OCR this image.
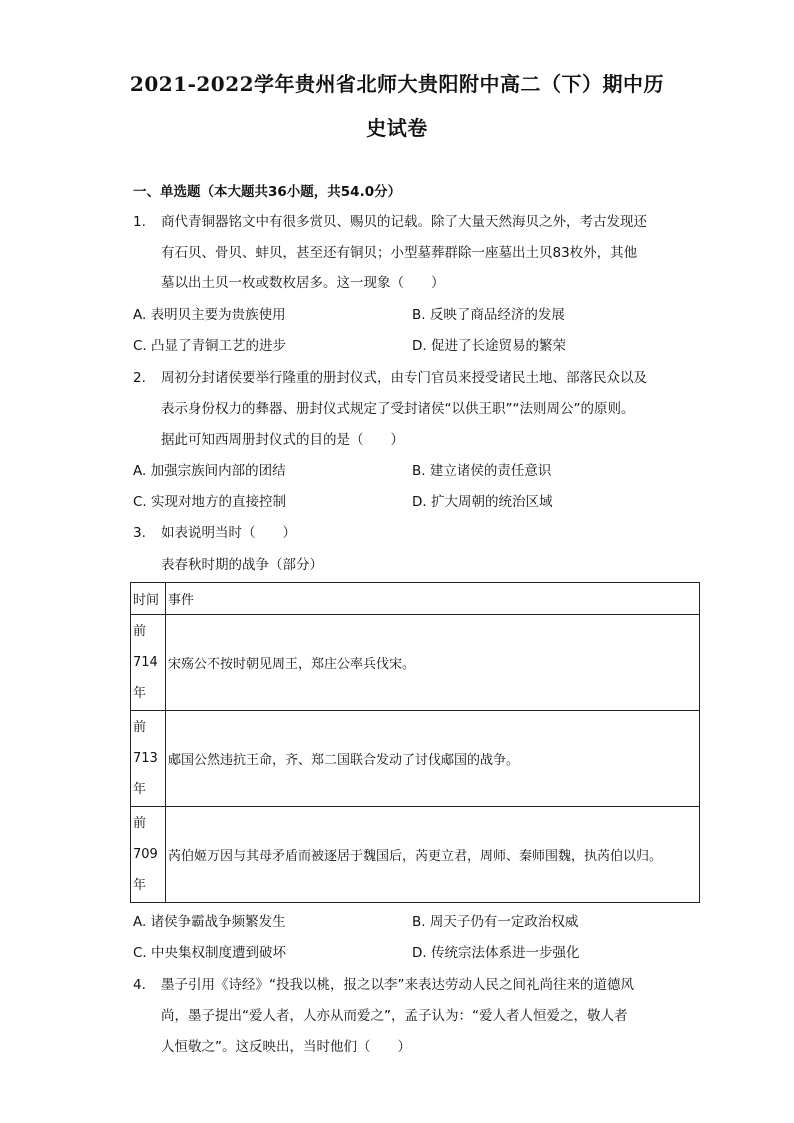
2021-2022学年贵州省北师大贵阳附中高二（下）期中历
史试卷
一、单选题（本大题共36小题，共54.0分）
1. 商代青铜器铭文中有很多赏贝、赐贝的记载。除了大量天然海贝之外，考古发现还
有石贝、骨贝、蚌贝，甚至还有铜贝；小型墓葬群除一座墓出土贝83枚外，其他
墓以出土贝一枚或数枚居多。这一现象（　　）
A. 表明贝主要为贵族使用	B. 反映了商品经济的发展
C. 凸显了青铜工艺的进步	D. 促进了长途贸易的繁荣
2. 周初分封诸侯要举行隆重的册封仪式，由专门官员来授受诸民土地、部落民众以及
表示身份权力的彝器、册封仪式规定了受封诸侯“以供王职”“法则周公”的原则。
据此可知西周册封仪式的目的是（　　）
A. 加强宗族间内部的团结	B. 建立诸侯的责任意识
C. 实现对地方的直接控制	D. 扩大周朝的统治区域
3. 如表说明当时（　　）
表春秋时期的战争（部分）
时间	事件

前
714
年	宋殇公不按时朝见周王，郑庄公率兵伐宋。

前
713
年	郕国公然违抗王命，齐、郑二国联合发动了讨伐郕国的战争。

前
709
年	芮伯姬万因与其母矛盾而被逐居于魏国后，芮更立君，周师、秦师围魏，执芮伯以归。
A. 诸侯争霸战争频繁发生	B. 周天子仍有一定政治权威
C. 中央集权制度遭到破坏	D. 传统宗法体系进一步强化
4. 墨子引用《诗经》“投我以桃，报之以李”来表达劳动人民之间礼尚往来的道德风
尚，墨子提出“爱人者，人亦从而爱之”，孟子认为：“爱人者人恒爱之，敬人者
人恒敬之”。这反映出，当时他们（　　）
